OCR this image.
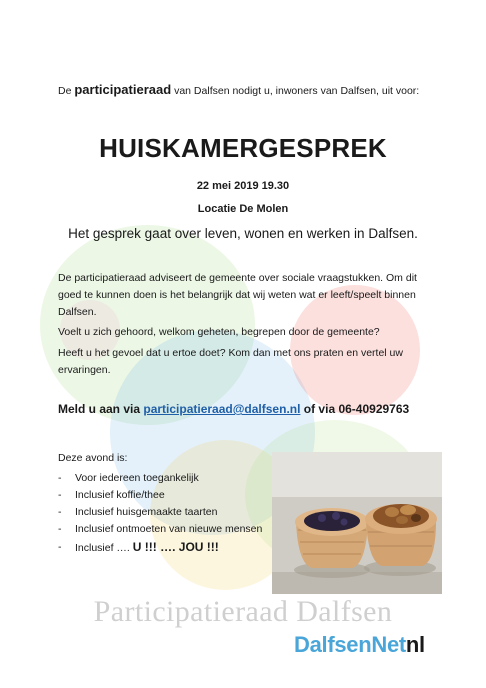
De participatieraad van Dalfsen nodigt u, inwoners van Dalfsen, uit voor:
HUISKAMERGESPREK
22 mei 2019 19.30
Locatie De Molen
Het gesprek gaat over leven, wonen en werken in Dalfsen.
De participatieraad adviseert de gemeente over sociale vraagstukken. Om dit goed te kunnen doen is het belangrijk dat wij weten wat er leeft/speelt binnen Dalfsen.
Voelt u zich gehoord, welkom geheten, begrepen door de gemeente?
Heeft u het gevoel dat u ertoe doet? Kom dan met ons praten en vertel uw ervaringen.
Meld u aan via participatieraad@dalfsen.nl of via 06-40929763
Deze avond is:
- Voor iedereen toegankelijk
- Inclusief koffie/thee
- Inclusief huisgemaakte taarten
- Inclusief ontmoeten van nieuwe mensen
- Inclusief …. U !!! …. JOU !!!
Participatieraad Dalfsen
DalfsenNetnl
